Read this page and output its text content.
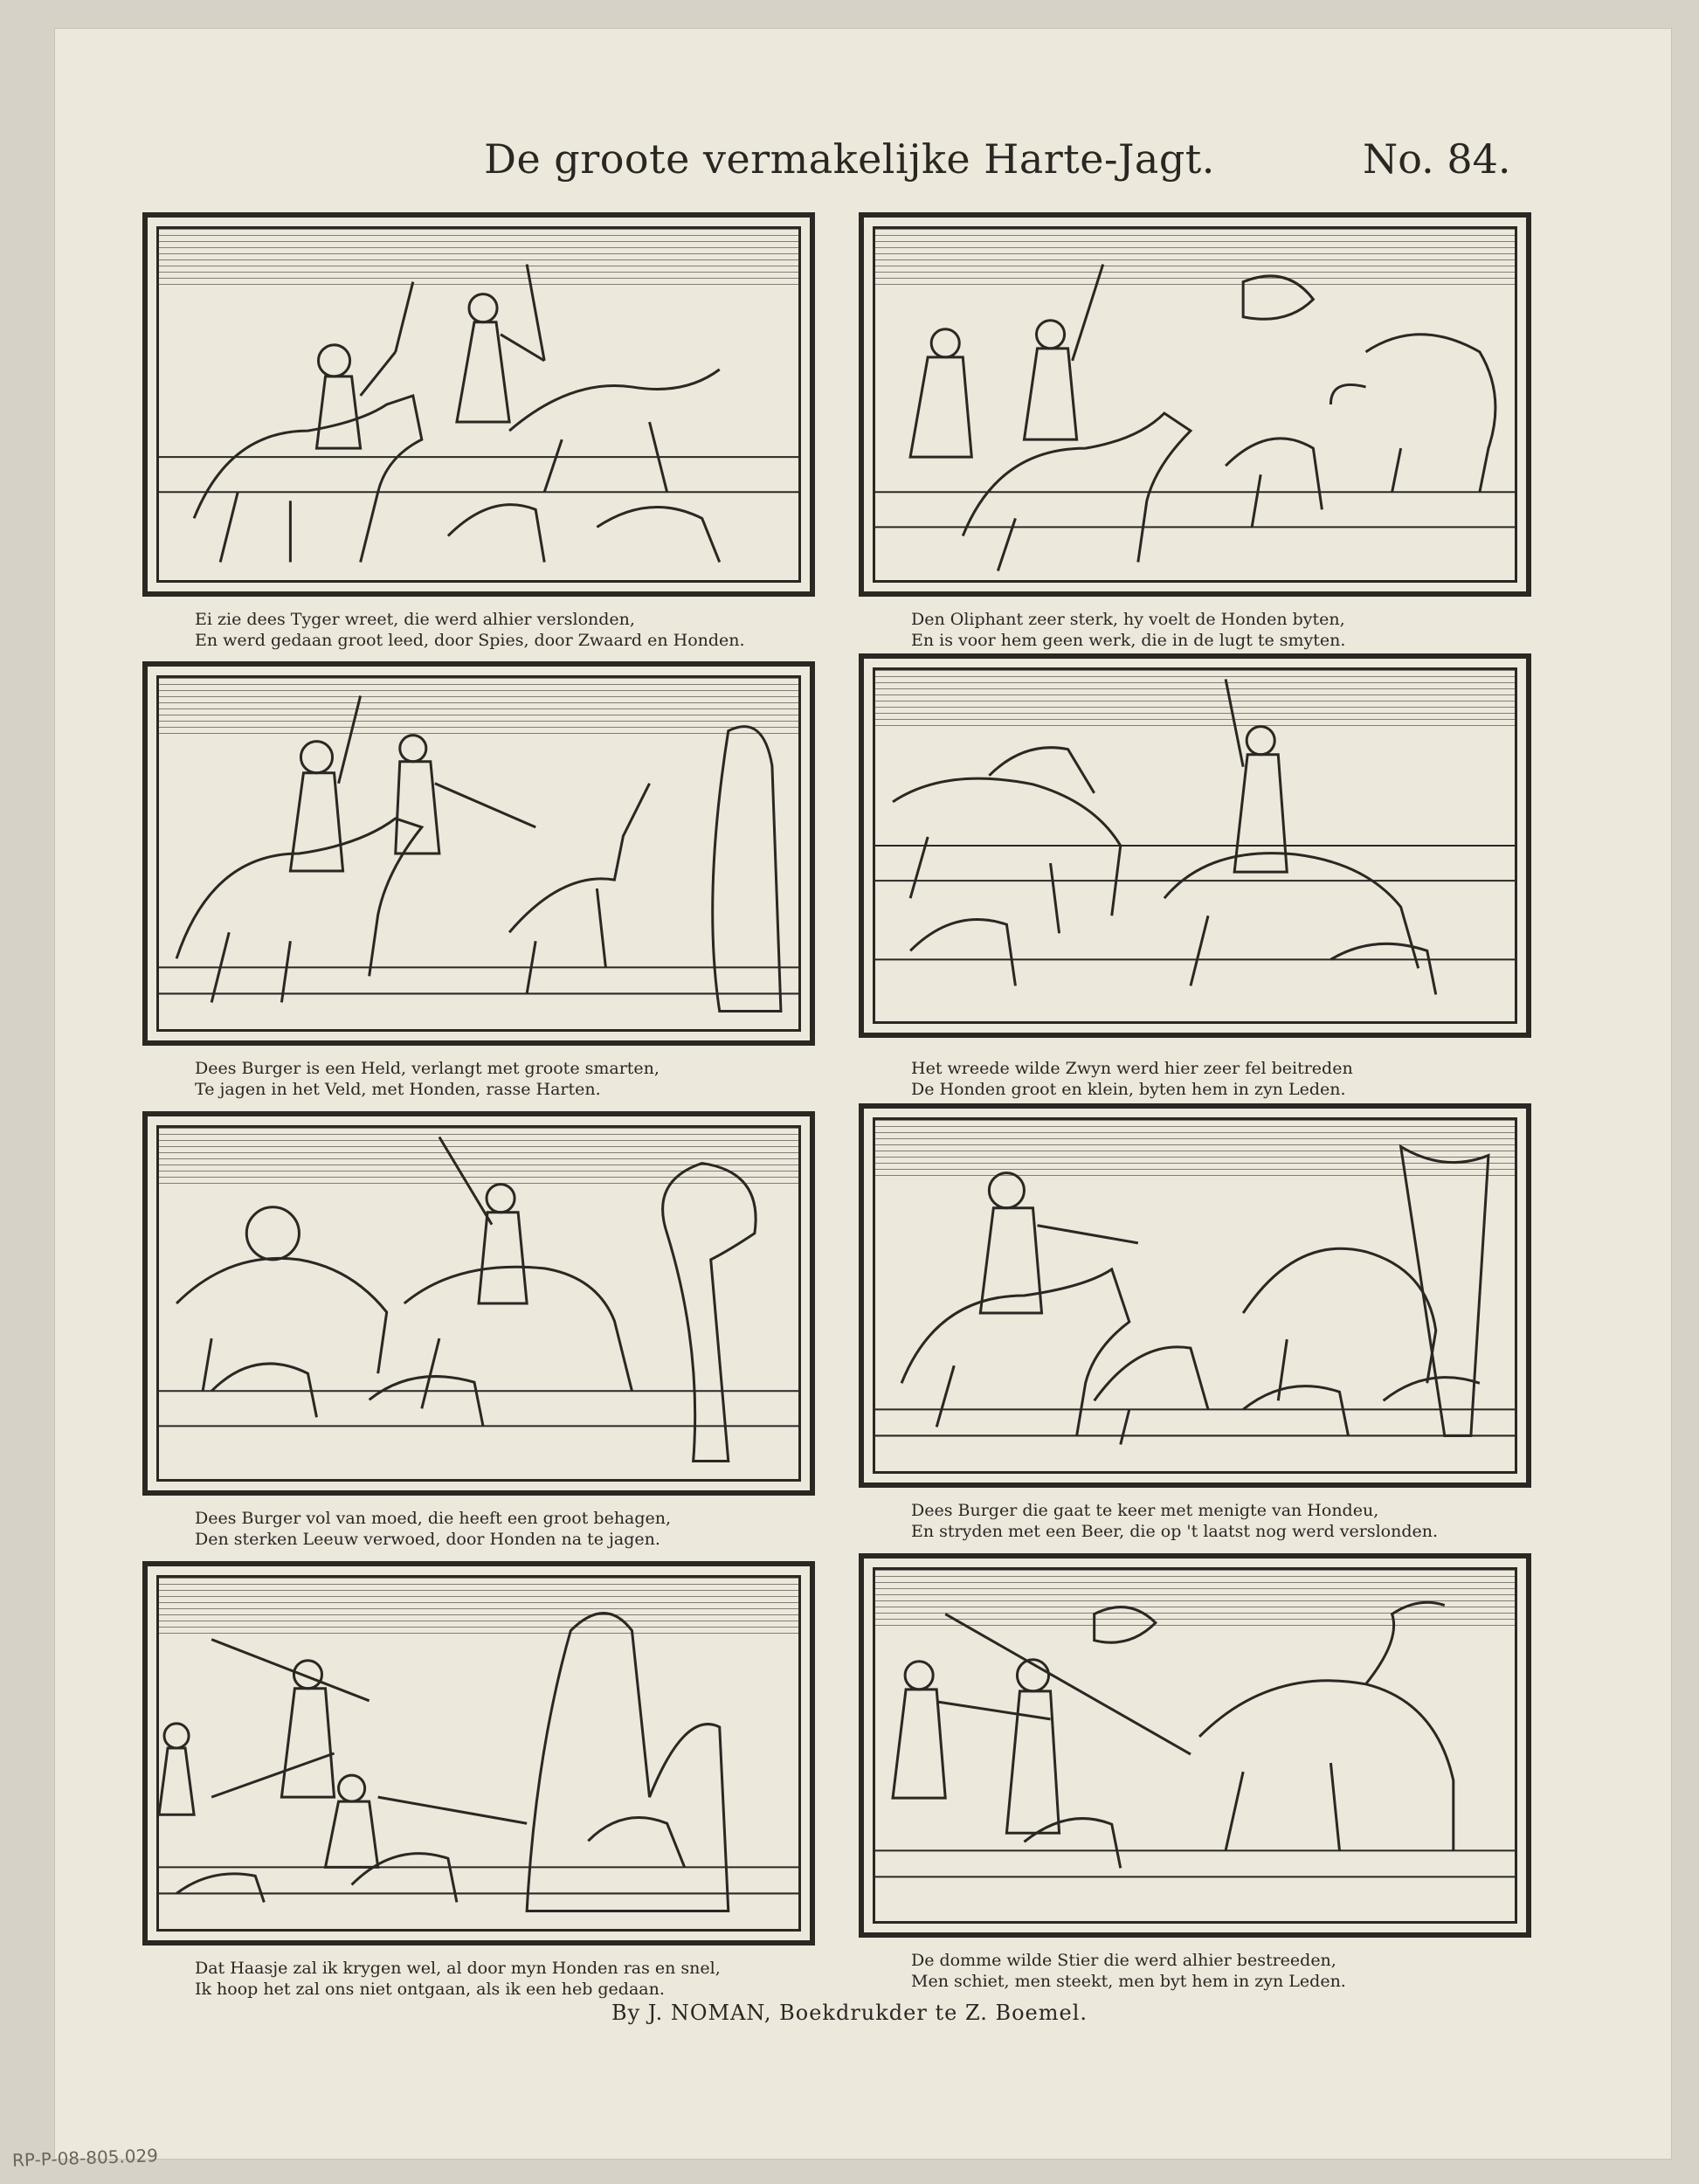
De groote vermakelijke Harte-Jagt.	No. 84.
Ei zie dees Tyger wreet, die werd alhier verslonden,
En werd gedaan groot leed, door Spies, door Zwaard en Honden.
Den Oliphant zeer sterk, hy voelt de Honden byten,
En is voor hem geen werk, die in de lugt te smyten.
Dees Burger is een Held, verlangt met groote smarten,
Te jagen in het Veld, met Honden, rasse Harten.
Het wreede wilde Zwyn werd hier zeer fel beitreden
De Honden groot en klein, byten hem in zyn Leden.
Dees Burger vol van moed, die heeft een groot behagen,
Den sterken Leeuw verwoed, door Honden na te jagen.
Dees Burger die gaat te keer met menigte van Hondeu,
En stryden met een Beer, die op 't laatst nog werd verslonden.
Dat Haasje zal ik krygen wel, al door myn Honden ras en snel,
Ik hoop het zal ons niet ontgaan, als ik een heb gedaan.
De domme wilde Stier die werd alhier bestreeden,
Men schiet, men steekt, men byt hem in zyn Leden.
By J. NOMAN, Boekdrukder te Z. Boemel.
RP-P-08-805.029
